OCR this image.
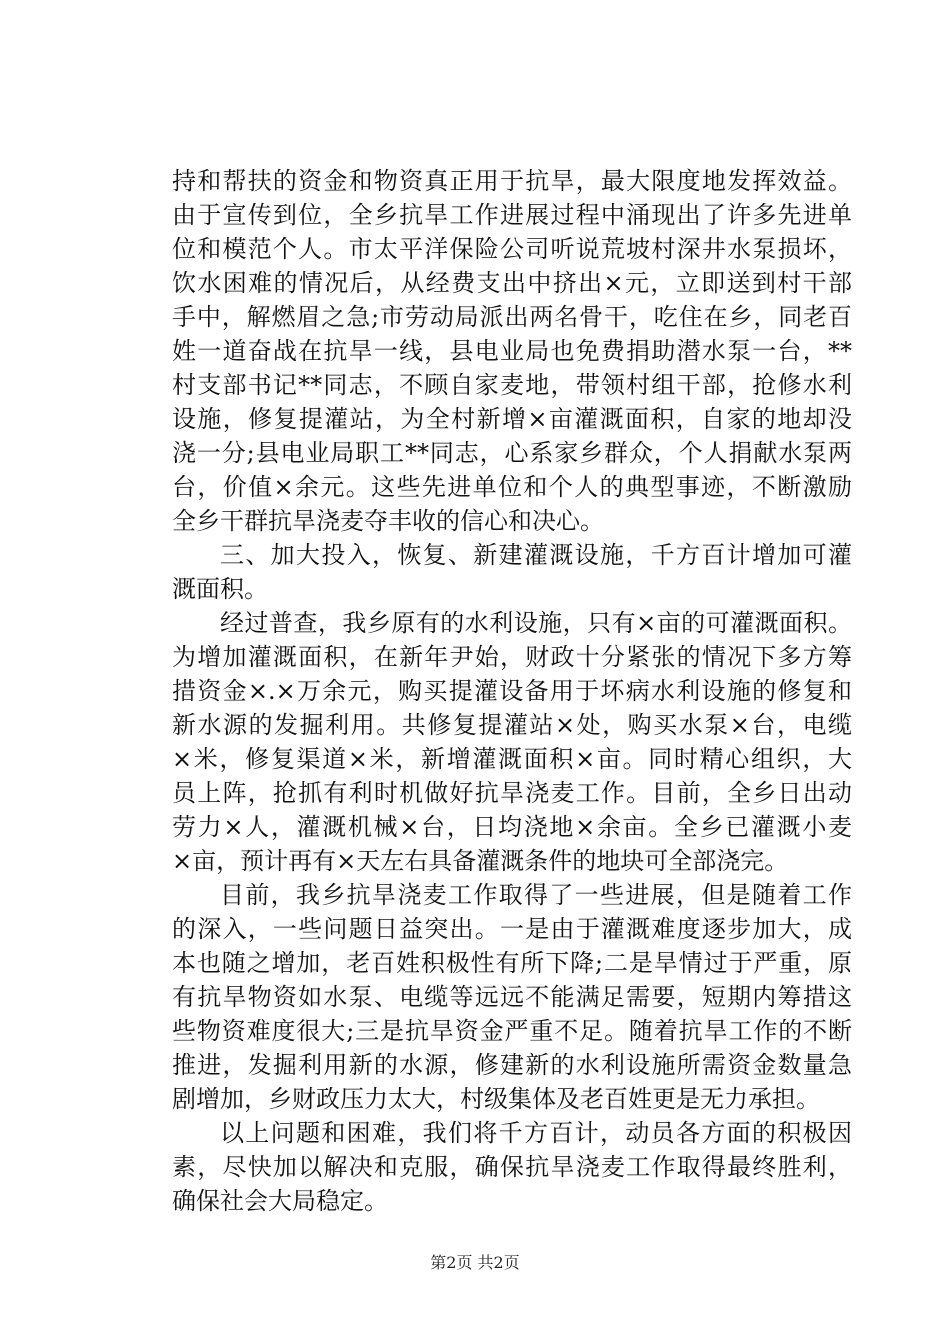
持和帮扶的资金和物资真正用于抗旱，最大限度地发挥效益。
由于宣传到位，全乡抗旱工作进展过程中涌现出了许多先进单
位和模范个人。市太平洋保险公司听说荒坡村深井水泵损坏，
饮水困难的情况后，从经费支出中挤出×元，立即送到村干部
手中，解燃眉之急;市劳动局派出两名骨干，吃住在乡，同老百
姓一道奋战在抗旱一线，县电业局也免费捐助潜水泵一台，**
村支部书记**同志，不顾自家麦地，带领村组干部，抢修水利
设施，修复提灌站，为全村新增×亩灌溉面积，自家的地却没
浇一分;县电业局职工**同志，心系家乡群众，个人捐献水泵两
台，价值×余元。这些先进单位和个人的典型事迹，不断激励
全乡干群抗旱浇麦夺丰收的信心和决心。
三、加大投入，恢复、新建灌溉设施，千方百计增加可灌
溉面积。
经过普查，我乡原有的水利设施，只有×亩的可灌溉面积。
为增加灌溉面积，在新年尹始，财政十分紧张的情况下多方筹
措资金×.×万余元，购买提灌设备用于坏病水利设施的修复和
新水源的发掘利用。共修复提灌站×处，购买水泵×台，电缆
×米，修复渠道×米，新增灌溉面积×亩。同时精心组织，大
员上阵，抢抓有利时机做好抗旱浇麦工作。目前，全乡日出动
劳力×人，灌溉机械×台，日均浇地×余亩。全乡已灌溉小麦
×亩，预计再有×天左右具备灌溉条件的地块可全部浇完。
目前，我乡抗旱浇麦工作取得了一些进展，但是随着工作
的深入，一些问题日益突出。一是由于灌溉难度逐步加大，成
本也随之增加，老百姓积极性有所下降;二是旱情过于严重，原
有抗旱物资如水泵、电缆等远远不能满足需要，短期内筹措这
些物资难度很大;三是抗旱资金严重不足。随着抗旱工作的不断
推进，发掘利用新的水源，修建新的水利设施所需资金数量急
剧增加，乡财政压力太大，村级集体及老百姓更是无力承担。
以上问题和困难，我们将千方百计，动员各方面的积极因
素，尽快加以解决和克服，确保抗旱浇麦工作取得最终胜利，
确保社会大局稳定。
第2页 共2页
